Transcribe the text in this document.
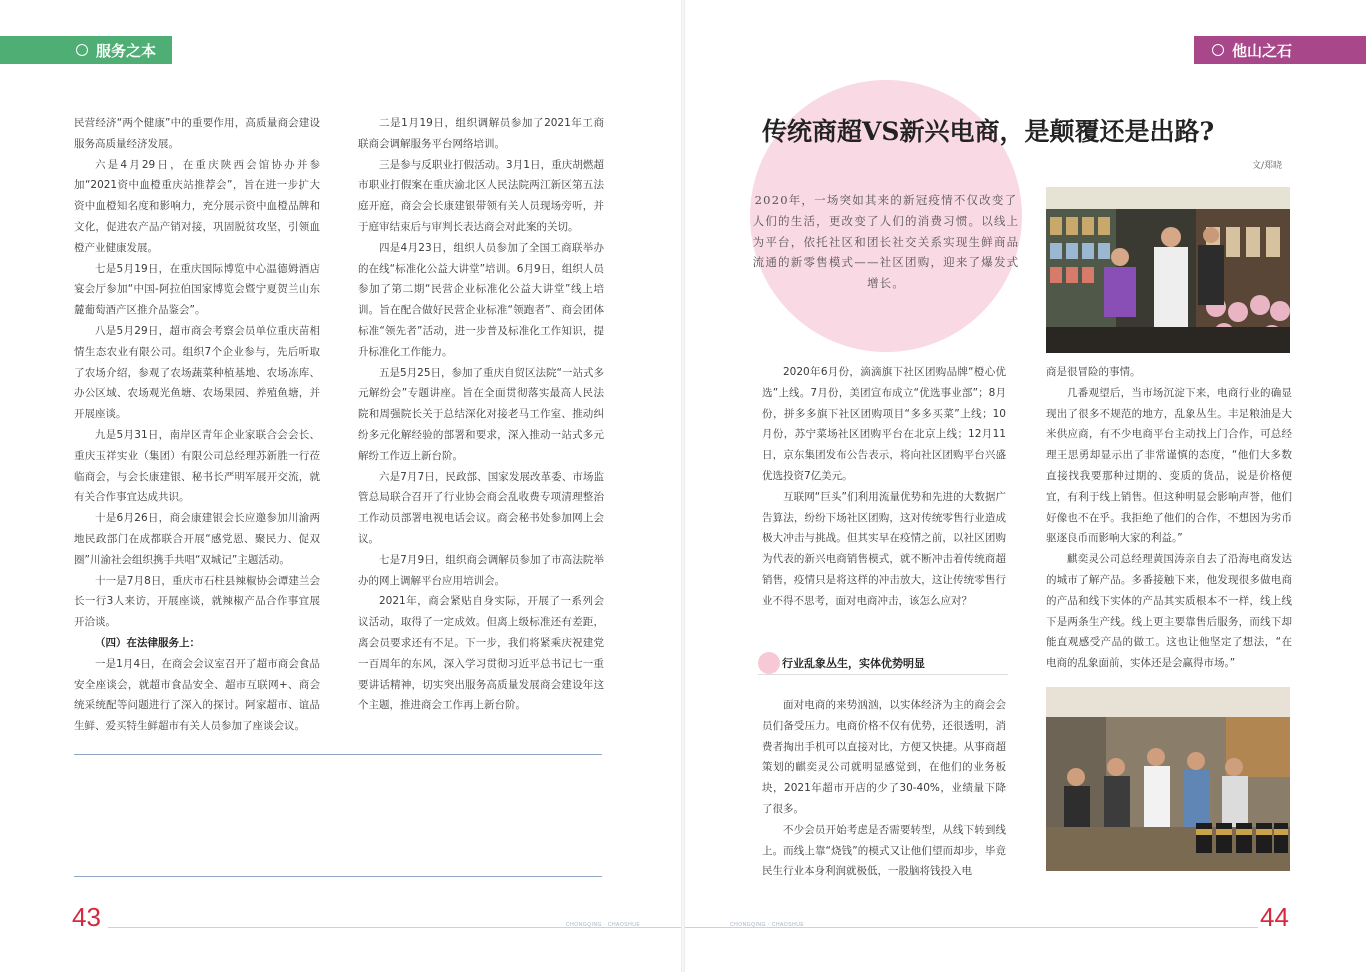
服务之本	他山之石

民营经济“两个健康”中的重要作用，高质量商会建设服务高质量经济发展。

六是4月29日，在重庆陕西会馆协办并参加“2021资中血橙重庆站推荐会”，旨在进一步扩大资中血橙知名度和影响力，充分展示资中血橙品牌和文化，促进农产品产销对接，巩固脱贫攻坚，引领血橙产业健康发展。

七是5月19日，在重庆国际博览中心温德姆酒店宴会厅参加“中国-阿拉伯国家博览会暨宁夏贺兰山东麓葡萄酒产区推介品鉴会”。

八是5月29日，超市商会考察会员单位重庆苗相情生态农业有限公司。组织7个企业参与，先后听取了农场介绍，参观了农场蔬菜种植基地、农场冻库、办公区域、农场观光鱼塘、农场果园、养殖鱼塘，并开展座谈。

九是5月31日，南岸区青年企业家联合会会长、重庆玉祥实业（集团）有限公司总经理苏新胜一行莅临商会，与会长康建银、秘书长严明军展开交流，就有关合作事宜达成共识。

十是6月26日，商会康建银会长应邀参加川渝两地民政部门在成都联合开展“感党恩、聚民力、促双圈”川渝社会组织携手共唱“双城记”主题活动。

十一是7月8日，重庆市石柱县辣椒协会谭建兰会长一行3人来访，开展座谈，就辣椒产品合作事宜展开洽谈。

（四）在法律服务上：

一是1月4日，在商会会议室召开了超市商会食品安全座谈会，就超市食品安全、超市互联网+、商会统采统配等问题进行了深入的探讨。阿家超市、谊品生鲜、爱买特生鲜超市有关人员参加了座谈会议。

二是1月19日，组织调解员参加了2021年工商联商会调解服务平台网络培训。

三是参与反职业打假活动。3月1日，重庆胡燃超市职业打假案在重庆渝北区人民法院两江新区第五法庭开庭，商会会长康建银带领有关人员现场旁听，并于庭审结束后与审判长表达商会对此案的关切。

四是4月23日，组织人员参加了全国工商联举办的在线“标准化公益大讲堂”培训。6月9日，组织人员参加了第二期“民营企业标准化公益大讲堂”线上培训。旨在配合做好民营企业标准“领跑者”、商会团体标准“领先者”活动，进一步普及标准化工作知识，提升标准化工作能力。

五是5月25日，参加了重庆自贸区法院“一站式多元解纷会”专题讲座。旨在全面贯彻落实最高人民法院和周强院长关于总结深化对接老马工作室、推动纠纷多元化解经验的部署和要求，深入推动一站式多元解纷工作迈上新台阶。

六是7月7日，民政部、国家发展改革委、市场监管总局联合召开了行业协会商会乱收费专项清理整治工作动员部署电视电话会议。商会秘书处参加网上会议。

七是7月9日，组织商会调解员参加了市高法院举办的网上调解平台应用培训会。

2021年，商会紧贴自身实际，开展了一系列会议活动，取得了一定成效。但离上级标准还有差距，离会员要求还有不足。下一步，我们将紧乘庆祝建党一百周年的东风，深入学习贯彻习近平总书记七一重要讲话精神，切实突出服务高质量发展商会建设年这个主题，推进商会工作再上新台阶。

传统商超VS新兴电商，是颠覆还是出路?
文/郑晓
2020年，一场突如其来的新冠疫情不仅改变了人们的生活，更改变了人们的消费习惯。以线上为平台，依托社区和团长社交关系实现生鲜商品流通的新零售模式——社区团购，迎来了爆发式增长。

2020年6月份，滴滴旗下社区团购品牌“橙心优选”上线。7月份，美团宣布成立“优选事业部”；8月份，拼多多旗下社区团购项目“多多买菜”上线；10月份，苏宁菜场社区团购平台在北京上线；12月11日，京东集团发布公告表示，将向社区团购平台兴盛优选投资7亿美元。

互联网“巨头”们利用流量优势和先进的大数据广告算法，纷纷下场社区团购，这对传统零售行业造成极大冲击与挑战。但其实早在疫情之前，以社区团购为代表的新兴电商销售模式，就不断冲击着传统商超销售，疫情只是将这样的冲击放大，这让传统零售行业不得不思考，面对电商冲击，该怎么应对？

行业乱象丛生，实体优势明显

面对电商的来势汹汹，以实体经济为主的商会会员们备受压力。电商价格不仅有优势，还很透明，消费者掏出手机可以直接对比，方便又快捷。从事商超策划的麒奕灵公司就明显感觉到，在他们的业务板块，2021年超市开店的少了30-40%，业绩量下降了很多。

不少会员开始考虑是否需要转型，从线下转到线上。而线上靠“烧钱”的模式又让他们望而却步，毕竟民生行业本身利润就极低，一股脑将钱投入电

商是很冒险的事情。

几番观望后，当市场沉淀下来，电商行业的确显现出了很多不规范的地方，乱象丛生。丰足粮油是大米供应商，有不少电商平台主动找上门合作，可总经理王思勇却显示出了非常谨慎的态度，“他们大多数直接找我要那种过期的、变质的货品，说是价格便宜，有利于线上销售。但这种明显会影响声誉，他们好像也不在乎。我拒绝了他们的合作，不想因为劣币驱逐良币而影响大家的利益。”

麒奕灵公司总经理黄国涛亲自去了沿海电商发达的城市了解产品。多番接触下来，他发现很多做电商的产品和线下实体的产品其实质根本不一样，线上线下是两条生产线。线上更主要靠售后服务，而线下却能直观感受产品的做工。这也让他坚定了想法，“在电商的乱象面前，实体还是会赢得市场。”

43	44
CHONGQING · CHAOSHUE	CHONGQING · CHAOSHUE
